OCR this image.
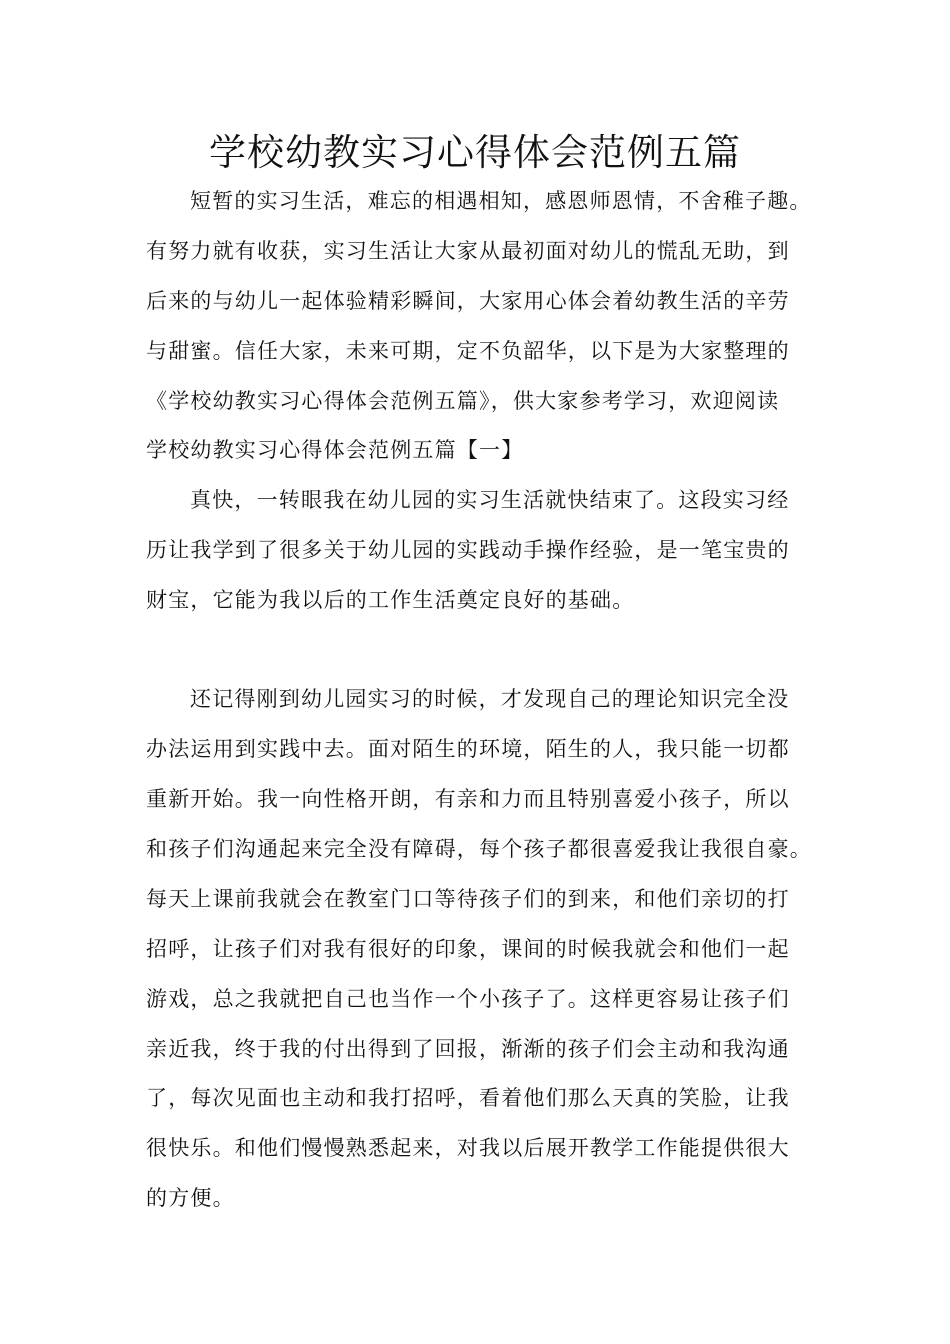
学校幼教实习心得体会范例五篇
短暂的实习生活，难忘的相遇相知，感恩师恩情，不舍稚子趣。
有努力就有收获，实习生活让大家从最初面对幼儿的慌乱无助，到
后来的与幼儿一起体验精彩瞬间，大家用心体会着幼教生活的辛劳
与甜蜜。信任大家，未来可期，定不负韶华，以下是为大家整理的
《学校幼教实习心得体会范例五篇》，供大家参考学习，欢迎阅读
学校幼教实习心得体会范例五篇【一】
真快，一转眼我在幼儿园的实习生活就快结束了。这段实习经
历让我学到了很多关于幼儿园的实践动手操作经验，是一笔宝贵的
财宝，它能为我以后的工作生活奠定良好的基础。
还记得刚到幼儿园实习的时候，才发现自己的理论知识完全没
办法运用到实践中去。面对陌生的环境，陌生的人，我只能一切都
重新开始。我一向性格开朗，有亲和力而且特别喜爱小孩子，所以
和孩子们沟通起来完全没有障碍，每个孩子都很喜爱我让我很自豪。
每天上课前我就会在教室门口等待孩子们的到来，和他们亲切的打
招呼，让孩子们对我有很好的印象，课间的时候我就会和他们一起
游戏，总之我就把自己也当作一个小孩子了。这样更容易让孩子们
亲近我，终于我的付出得到了回报，渐渐的孩子们会主动和我沟通
了，每次见面也主动和我打招呼，看着他们那么天真的笑脸，让我
很快乐。和他们慢慢熟悉起来，对我以后展开教学工作能提供很大
的方便。
